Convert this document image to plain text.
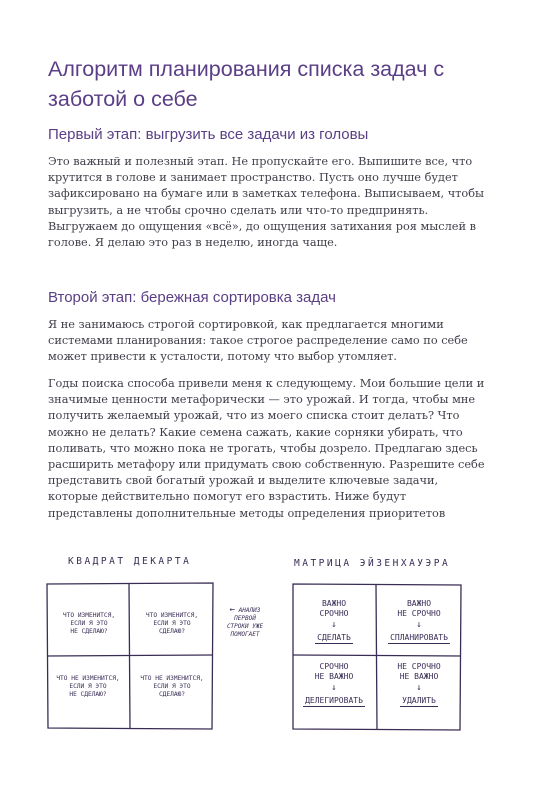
Алгоритм планирования списка задач с заботой о себе
Первый этап: выгрузить все задачи из головы

Это важный и полезный этап. Не пропускайте его. Выпишите все, что крутится в голове и занимает пространство. Пусть оно лучше будет зафиксировано на бумаге или в заметках телефона. Выписываем, чтобы выгрузить, а не чтобы срочно сделать или что-то предпринять. Выгружаем до ощущения «всё», до ощущения затихания роя мыслей в голове. Я делаю это раз в неделю, иногда чаще.

Второй этап: бережная сортировка задач

Я не занимаюсь строгой сортировкой, как предлагается многими системами планирования: такое строгое распределение само по себе может привести к усталости, потому что выбор утомляет.

Годы поиска способа привели меня к следующему. Мои большие цели и значимые ценности метафорически — это урожай. И тогда, чтобы мне получить желаемый урожай, что из моего списка стоит делать? Что можно не делать? Какие семена сажать, какие сорняки убирать, что поливать, что можно пока не трогать, чтобы дозрело. Предлагаю здесь расширить метафору или придумать свою собственную. Разрешите себе представить свой богатый урожай и выделите ключевые задачи, которые действительно помогут его взрастить. Ниже будут представлены дополнительные методы определения приоритетов

КВАДРАТ ДЕКАРТА
ЧТО ИЗМЕНИТСЯ,
ЕСЛИ Я ЭТО
НЕ СДЕЛАЮ?
ЧТО ИЗМЕНИТСЯ,
ЕСЛИ Я ЭТО
СДЕЛАЮ?
ЧТО НЕ ИЗМЕНИТСЯ,
ЕСЛИ Я ЭТО
НЕ СДЕЛАЮ?
ЧТО НЕ ИЗМЕНИТСЯ,
ЕСЛИ Я ЭТО
СДЕЛАЮ?
← АНАЛИЗ
ПЕРВОЙ
СТРОКИ УЖЕ
ПОМОГАЕТ
МАТРИЦА ЭЙЗЕНХАУЭРА
ВАЖНО
СРОЧНО
↓
СДЕЛАТЬ
ВАЖНО
НЕ СРОЧНО
↓
СПЛАНИРОВАТЬ
СРОЧНО
НЕ ВАЖНО
↓
ДЕЛЕГИРОВАТЬ
НЕ СРОЧНО
НЕ ВАЖНО
↓
УДАЛИТЬ
